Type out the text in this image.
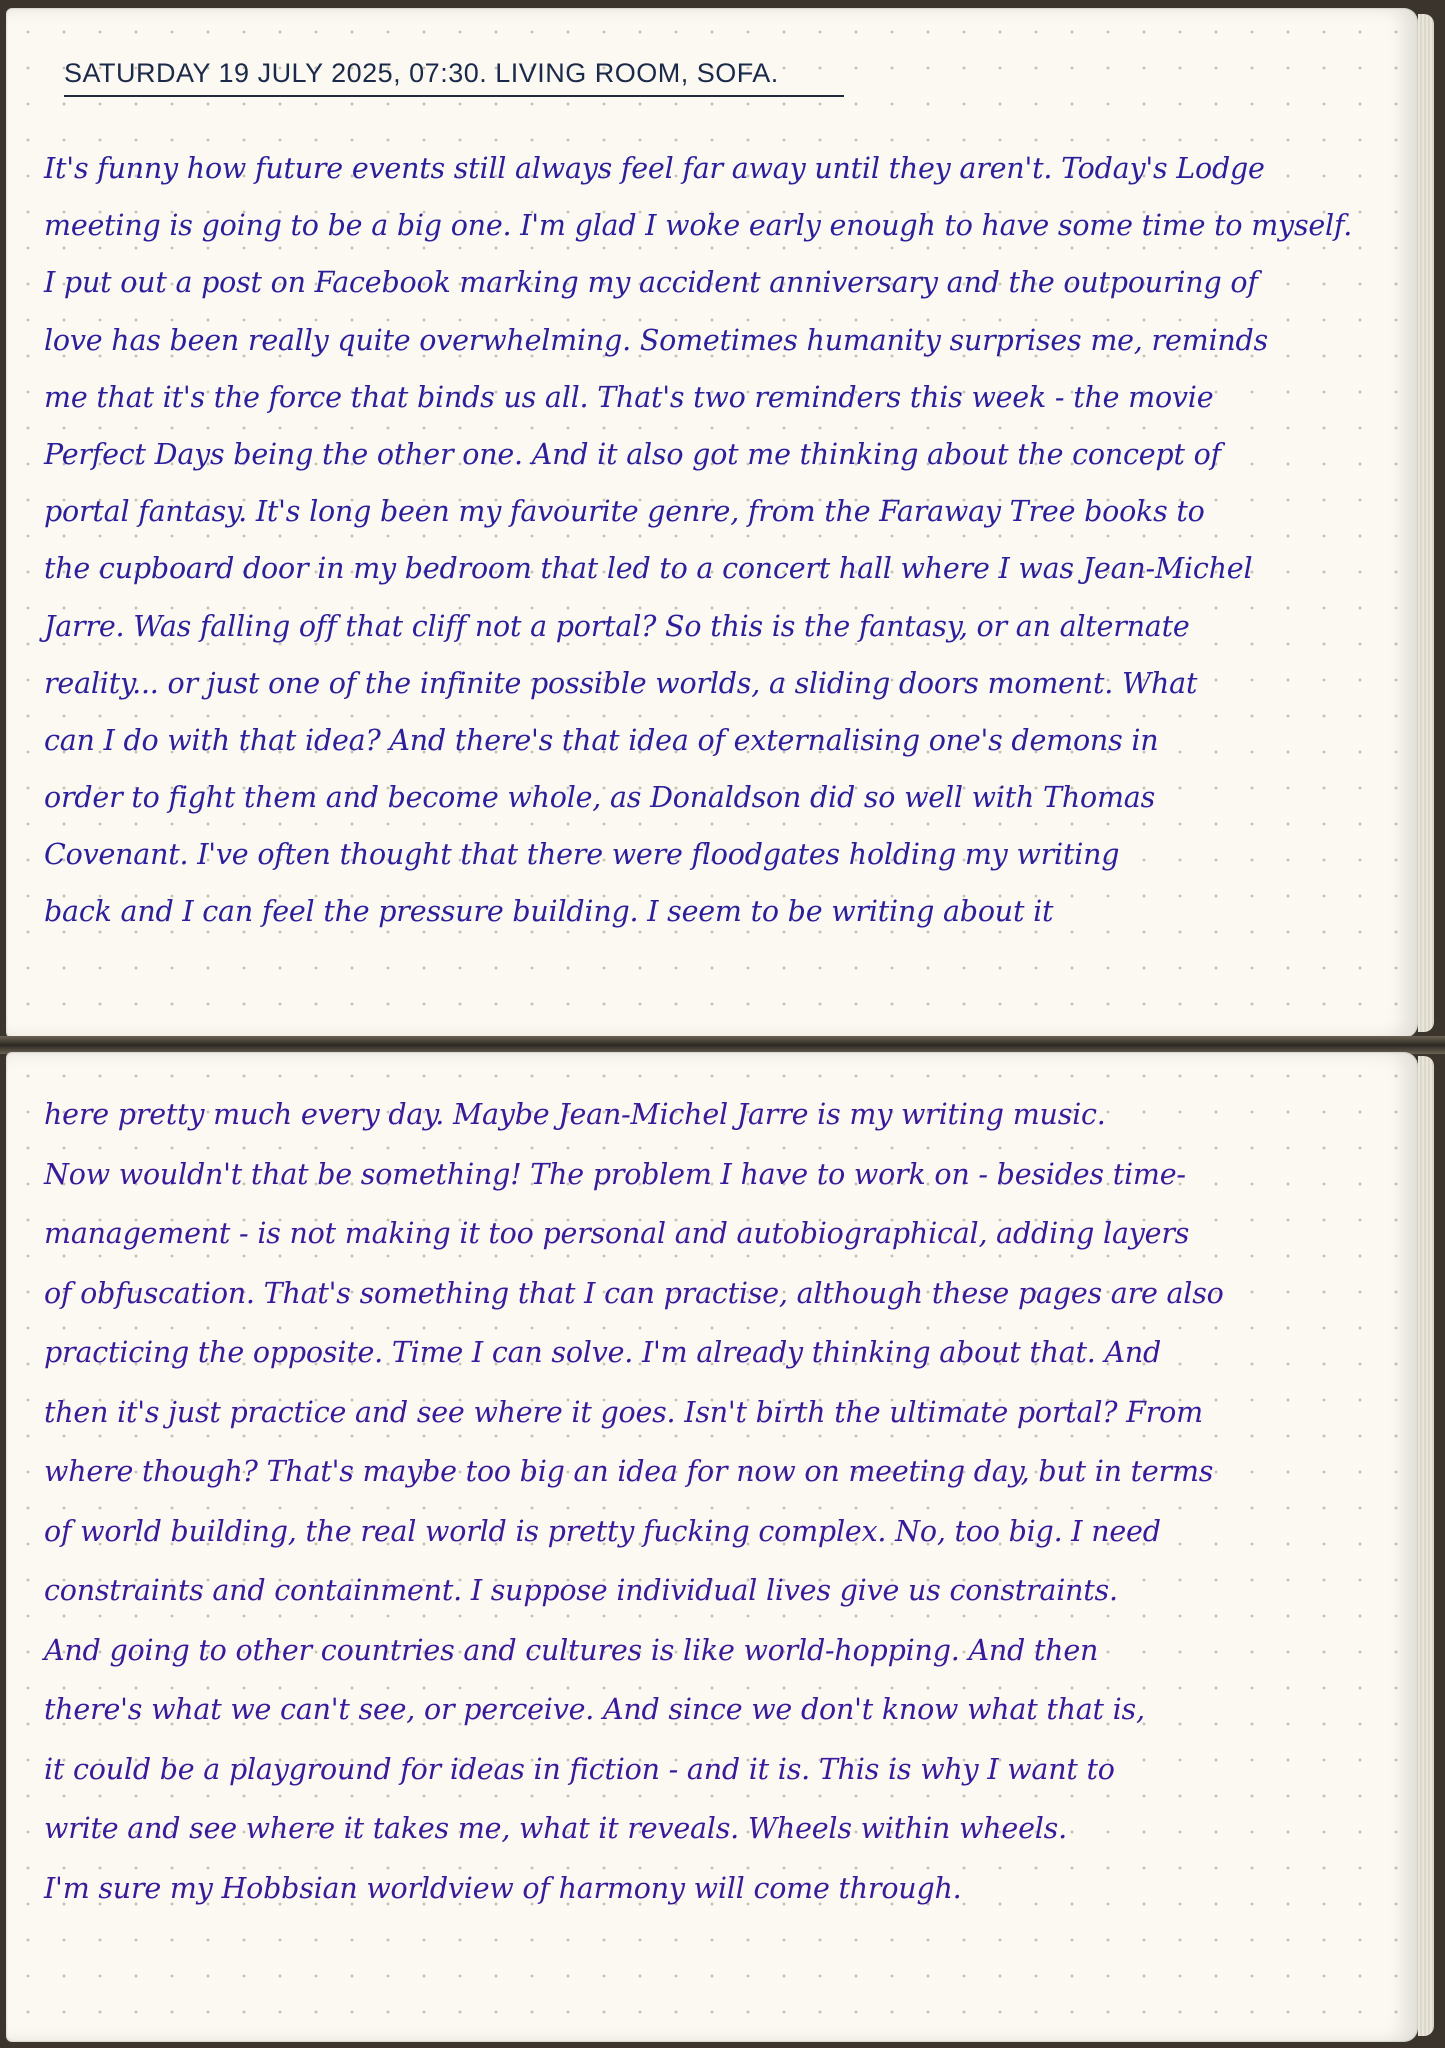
SATURDAY 19 JULY 2025, 07:30. LIVING ROOM, SOFA.
It's funny how future events still always feel far away until they aren't. Today's Lodge
meeting is going to be a big one. I'm glad I woke early enough to have some time to myself.
I put out a post on Facebook marking my accident anniversary and the outpouring of
love has been really quite overwhelming. Sometimes humanity surprises me, reminds
me that it's the force that binds us all. That's two reminders this week - the movie
Perfect Days being the other one. And it also got me thinking about the concept of
portal fantasy. It's long been my favourite genre, from the Faraway Tree books to
the cupboard door in my bedroom that led to a concert hall where I was Jean-Michel
Jarre. Was falling off that cliff not a portal? So this is the fantasy, or an alternate
reality... or just one of the infinite possible worlds, a sliding doors moment. What
can I do with that idea? And there's that idea of externalising one's demons in
order to fight them and become whole, as Donaldson did so well with Thomas
Covenant. I've often thought that there were floodgates holding my writing
back and I can feel the pressure building. I seem to be writing about it
here pretty much every day. Maybe Jean-Michel Jarre is my writing music.
Now wouldn't that be something! The problem I have to work on - besides time-
management - is not making it too personal and autobiographical, adding layers
of obfuscation. That's something that I can practise, although these pages are also
practicing the opposite. Time I can solve. I'm already thinking about that. And
then it's just practice and see where it goes. Isn't birth the ultimate portal? From
where though? That's maybe too big an idea for now on meeting day, but in terms
of world building, the real world is pretty fucking complex. No, too big. I need
constraints and containment. I suppose individual lives give us constraints.
And going to other countries and cultures is like world-hopping. And then
there's what we can't see, or perceive. And since we don't know what that is,
it could be a playground for ideas in fiction - and it is. This is why I want to
write and see where it takes me, what it reveals. Wheels within wheels.
I'm sure my Hobbsian worldview of harmony will come through.
